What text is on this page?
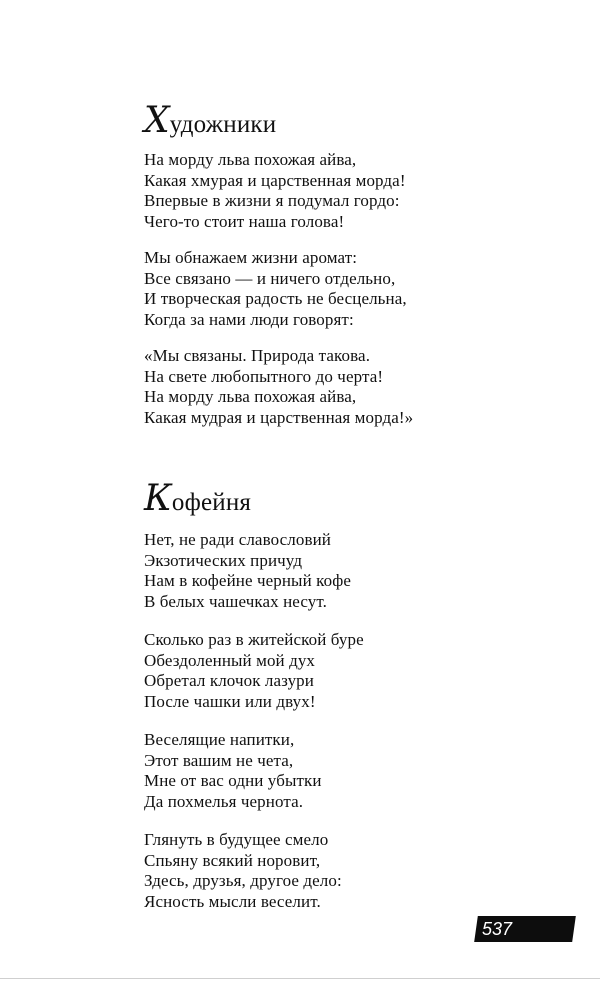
Художники
На морду льва похожая айва,
Какая хмурая и царственная морда!
Впервые в жизни я подумал гордо:
Чего-то стоит наша голова!
Мы обнажаем жизни аромат:
Все связано — и ничего отдельно,
И творческая радость не бесцельна,
Когда за нами люди говорят:
«Мы связаны. Природа такова.
На свете любопытного до черта!
На морду льва похожая айва,
Какая мудрая и царственная морда!»
Кофейня
Нет, не ради славословий
Экзотических причуд
Нам в кофейне черный кофе
В белых чашечках несут.
Сколько раз в житейской буре
Обездоленный мой дух
Обретал клочок лазури
После чашки или двух!
Веселящие напитки,
Этот вашим не чета,
Мне от вас одни убытки
Да похмелья чернота.
Глянуть в будущее смело
Спьяну всякий норовит,
Здесь, друзья, другое дело:
Ясность мысли веселит.
537
